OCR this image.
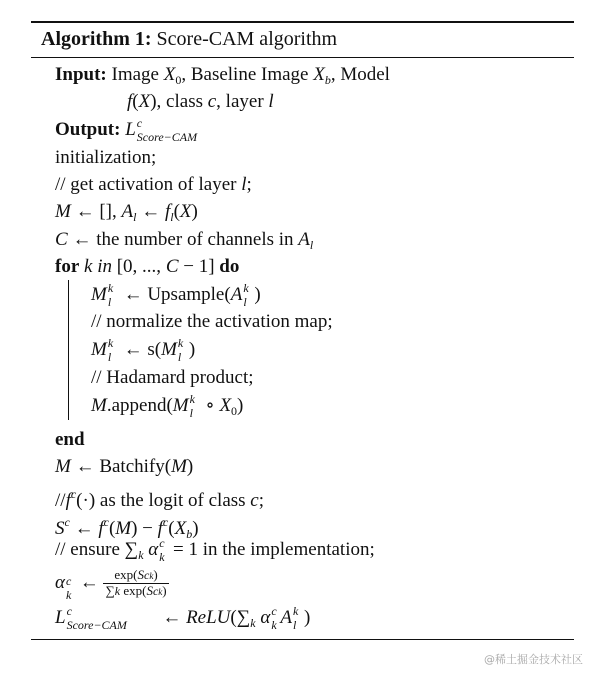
Algorithm 1: Score-CAM algorithm
Input: Image $X_0$, Baseline Image $X_b$, Model
f(X), class c, layer l
Output: L c
Score−CAM
initialization;
// get activation of layer l;
M ← [], $A_l$ ← $f_l(X)$
C ← the number of channels in $A_l$
for k in [0, ..., C − 1] do
M k
l ← Upsample(A k
l )
// normalize the activation map;
M k
l ← s(M k
l )
// Hadamard product;
M.append(M k
l ∘ $X_0$)
end
M ← Batchify(M)
$//f^c(\cdot)$ as the logit of class c;
$S^c$ ← $f^c(M) - f^c(X_b)$
// ensure $\sum_k$ α c
k = 1 in the implementation;
α c
k
← $\frac{\text{exp(Sck)}}{\text{∑k exp(Sck)}}$
L c
Score−CAM ← $ReLU(\sum_k$ α c
k A k
l )
@稀土掘金技术社区
